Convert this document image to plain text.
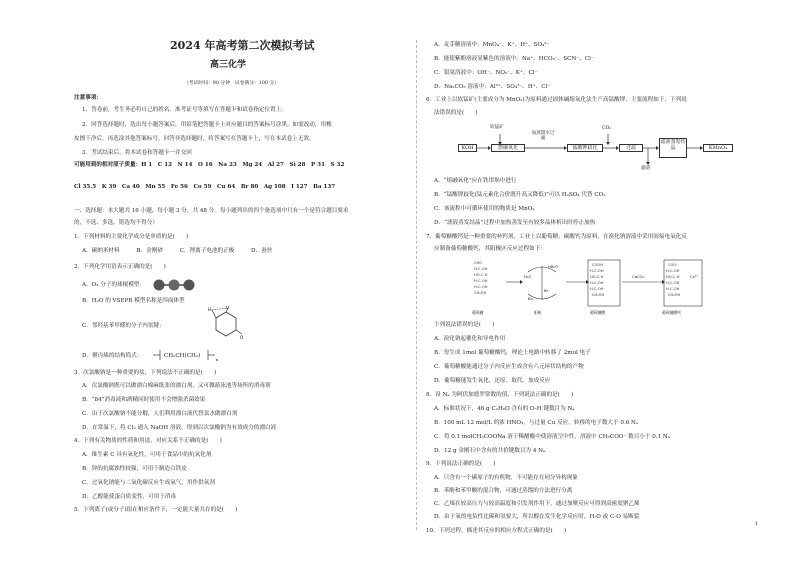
2024 年高考第二次模拟考试
高三化学
（考试时间：90 分钟　试卷满分：100 分）
注意事项：
1．答卷前，考生务必将自己的姓名、准考证号等填写在答题卡和试卷指定位置上。
2．回答选择题时，选出每小题答案后，用铅笔把答题卡上对应题目的答案标号涂黑。如需改动，用橡
皮擦干净后，再选涂其他答案标号。回答非选择题时，将答案写在答题卡上，写在本试卷上无效。
3．考试结束后，将本试卷和答题卡一并交回
可能用到的相对原子质量：H 1　C 12　N 14　O 16　Na 23　Mg 24　Al 27　Si 28　P 31　S 32
Cl 35.5　K 39　Ca 40　Mn 55　Fe 56　Co 59　Cu 64　Br 80　Ag 108　I 127　Ba 137
一、选择题：本大题共 16 小题，每小题 3 分，共 48 分。每小题列出的四个备选项中只有一个是符合题目要求
的，不选、多选、错选均不得分）
1．下列材料的主要化学成分是单质的是(　　)
A．碳纳米材料　　　B．金刚砂　　　C．锂离子电池的正极　　　D．蚕丝
2．下列化学用语表示正确的是(　　)
A．O₃ 分子的球棍模型：
B．H₂O 的 VSEPR 模型名称是四面体型
C．邻羟基苯甲醛的分子内氢键：
H	O
O
D．聚丙烯的结构简式：
n
CH₂CH(CH₃)
3．次氯酸钠是一种重要的盐，下列说法不正确的是(　　)
A．次氯酸钠既可以做漂白棉麻纸张的漂白剂，又可做游泳池等场所的消毒剂
B．“84”消毒液和酒精同时使用不会增强杀菌效果
C．由于次氯酸钠不能分解，人们利用漂白液代替氯水做漂白剂
D．在常温下，将 Cl₂ 通入 NaOH 溶液，得到以次氯酸钠为有效成分的漂白液
4．下列有关物质的性质和用途，对应关系不正确的是(　　)
A．维生素 C 具有氧化性，可用于食品中的抗氧化剂
B．锌的抗腐蚀性较强，可用于制造白铁皮
C．过氧化钠能与二氧化碳反应生成氧气，用作供氧剂
D．乙醇能使蛋白质变性，可用于消毒
5．下列离子(或分子)组在相应条件下，一定能大量共存的是(　　)
A．麦芽糖溶液中：MnO₄⁻、K⁺、H⁺、SO₄²⁻
B．能使紫酚溶液显紫色的溶液中：Na⁺、HCO₃⁻、SCN⁻、Cl⁻
C．银氨溶液中：OH⁻、NO₃⁻、K⁺、Cl⁻
D．Na₂CO₃ 溶液中：Al³⁺、SO₄²⁻、H⁺、Cl⁻
6．工业上以软锰矿(主要成分为 MnO₂)为原料通过固体碱熔氧化法生产高锰酸钾，主要流程如下，下列说
法错误的是(　　)
KOH
软锰矿
熔融氧化
加蒸馏水过滤
锰酸钾歧化
CO₂
过滤
滤渣
滤液蒸发结晶	KMnO₄
A．“熔融氧化”应在铁坩埚中进行
B．“锰酸钾歧化(锰元素化合价既升高又降低)”可以 H₂SO₄ 代替 CO₂
C．该流程中可循环使用的物质是 MnO₂
D．“滤液蒸发结晶”过程中加热蒸发至有较多晶体析出时停止加热
7．葡萄糖酸钙是一种重要的补钙剂，工业上以葡萄糖、碳酸钙为原料，在溴化钠溶液中采用间接电氧化反
应制备葡萄糖酸钙，其阳极区反应过程如下：
CHO
H-C-OH
HO-C-H
H-C-OH
H-C-OH
CH₂OH
COOH
H-C-OH
HO-C-H
H-C-OH
H-C-OH
CH₂OH
COO⁻
H-C-OH
HO-C-H
H-C-OH
H-C-OH
CH₂OH
Ca²⁺
葡萄糖	阳极	葡萄糖酸	葡萄糖酸钙
H₂O
HBrO
Br⁻
Br₂
CaCO₃
下列说法错误的是(　　)
A．溴化钠起催化和导电作用
B．每生成 1mol 葡萄糖酸钙，理论上电路中转移了 2mol 电子
C．葡萄糖酸能通过分子内反应生成含有六元环状结构的产物
D．葡萄糖能发生氧化、还原、取代、加成反应
8．设 Nₐ 为阿伏加德罗常数的值，下列说法正确的是(　　)
A．标准状况下，46 g C₂H₆O 含有的 O-H 键数目为 Nₐ
B．100 mL 12 mol/L 的浓 HNO₃，与过量 Cu 反应，转移的电子数大于 0.6 Nₐ
C．将 0.1 molCH₃COONa 溶于稀醋酸中使溶液呈中性，溶液中 CH₃COO⁻ 数目小于 0.1 Nₐ
D．12 g 金刚石中含有的共价键数目为 4 Nₐ
9．下列说法正确的是(　　)
A．只含有一个碳原子的有机物，不可能存在同分异构现象
B．苯酚和苯甲酸的混合物，可通过蒸馏的方法进行分离
C．乙烯在较高压力与较高温度和引发剂作用下，通过加聚反应可得到高密度聚乙烯
D．由于氧的电负性比碳和氢要大，所以醇在发生化学反应时，H-O 或 C-O 易断裂
10．下列过程，描述其反应的相应方程式正确的是(　　)
1
